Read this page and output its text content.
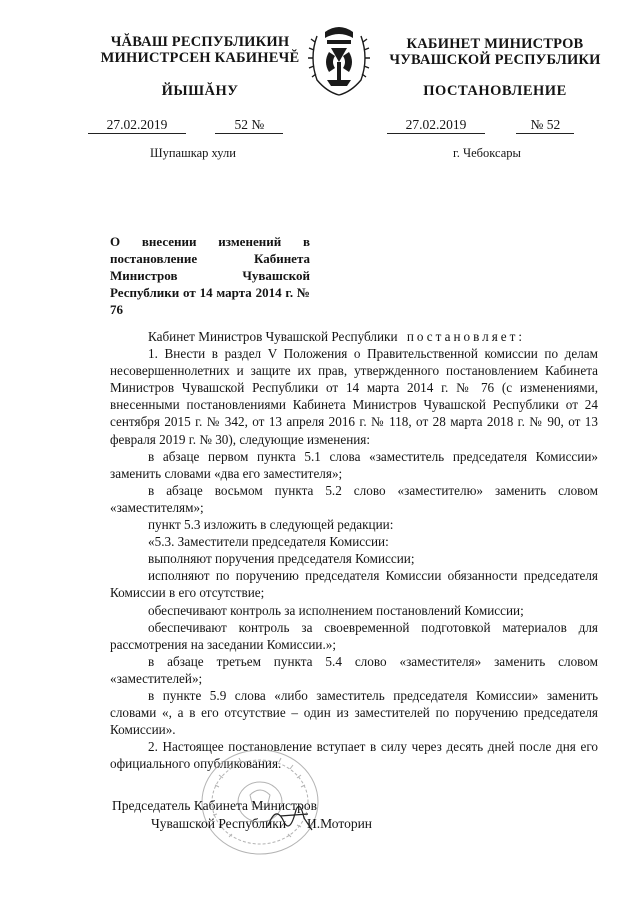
ЧĂВАШ РЕСПУБЛИКИН
МИНИСТРСЕН КАБИНЕЧĔ
ЙЫШĂНУ
КАБИНЕТ МИНИСТРОВ
ЧУВАШСКОЙ РЕСПУБЛИКИ
ПОСТАНОВЛЕНИЕ
27.02.2019	52 №	27.02.2019	№ 52
Шупашкар хули	г. Чебоксары
О внесении изменений в постановление Кабинета Министров Чувашской Республики от 14 марта 2014 г. № 76

Кабинет Министров Чувашской Республики постановляет:

1. Внести в раздел V Положения о Правительственной комиссии по делам несовершеннолетних и защите их прав, утвержденного постановлением Кабинета Министров Чувашской Республики от 14 марта 2014 г. № 76 (с изменениями, внесенными постановлениями Кабинета Министров Чувашской Республики от 24 сентября 2015 г. № 342, от 13 апреля 2016 г. № 118, от 28 марта 2018 г. № 90, от 13 февраля 2019 г. № 30), следующие изменения:

в абзаце первом пункта 5.1 слова «заместитель председателя Комиссии» заменить словами «два его заместителя»;

в абзаце восьмом пункта 5.2 слово «заместителю» заменить словом «заместителям»;

пункт 5.3 изложить в следующей редакции:

«5.3. Заместители председателя Комиссии:

выполняют поручения председателя Комиссии;

исполняют по поручению председателя Комиссии обязанности председателя Комиссии в его отсутствие;

обеспечивают контроль за исполнением постановлений Комиссии;

обеспечивают контроль за своевременной подготовкой материалов для рассмотрения на заседании Комиссии.»;

в абзаце третьем пункта 5.4 слово «заместителя» заменить словом «заместителей»;

в пункте 5.9 слова «либо заместитель председателя Комиссии» заменить словами «, а в его отсутствие – один из заместителей по поручению председателя Комиссии».

2. Настоящее постановление вступает в силу через десять дней после дня его официального опубликования.

Председатель Кабинета Министров
Чувашской Республики И.Моторин
